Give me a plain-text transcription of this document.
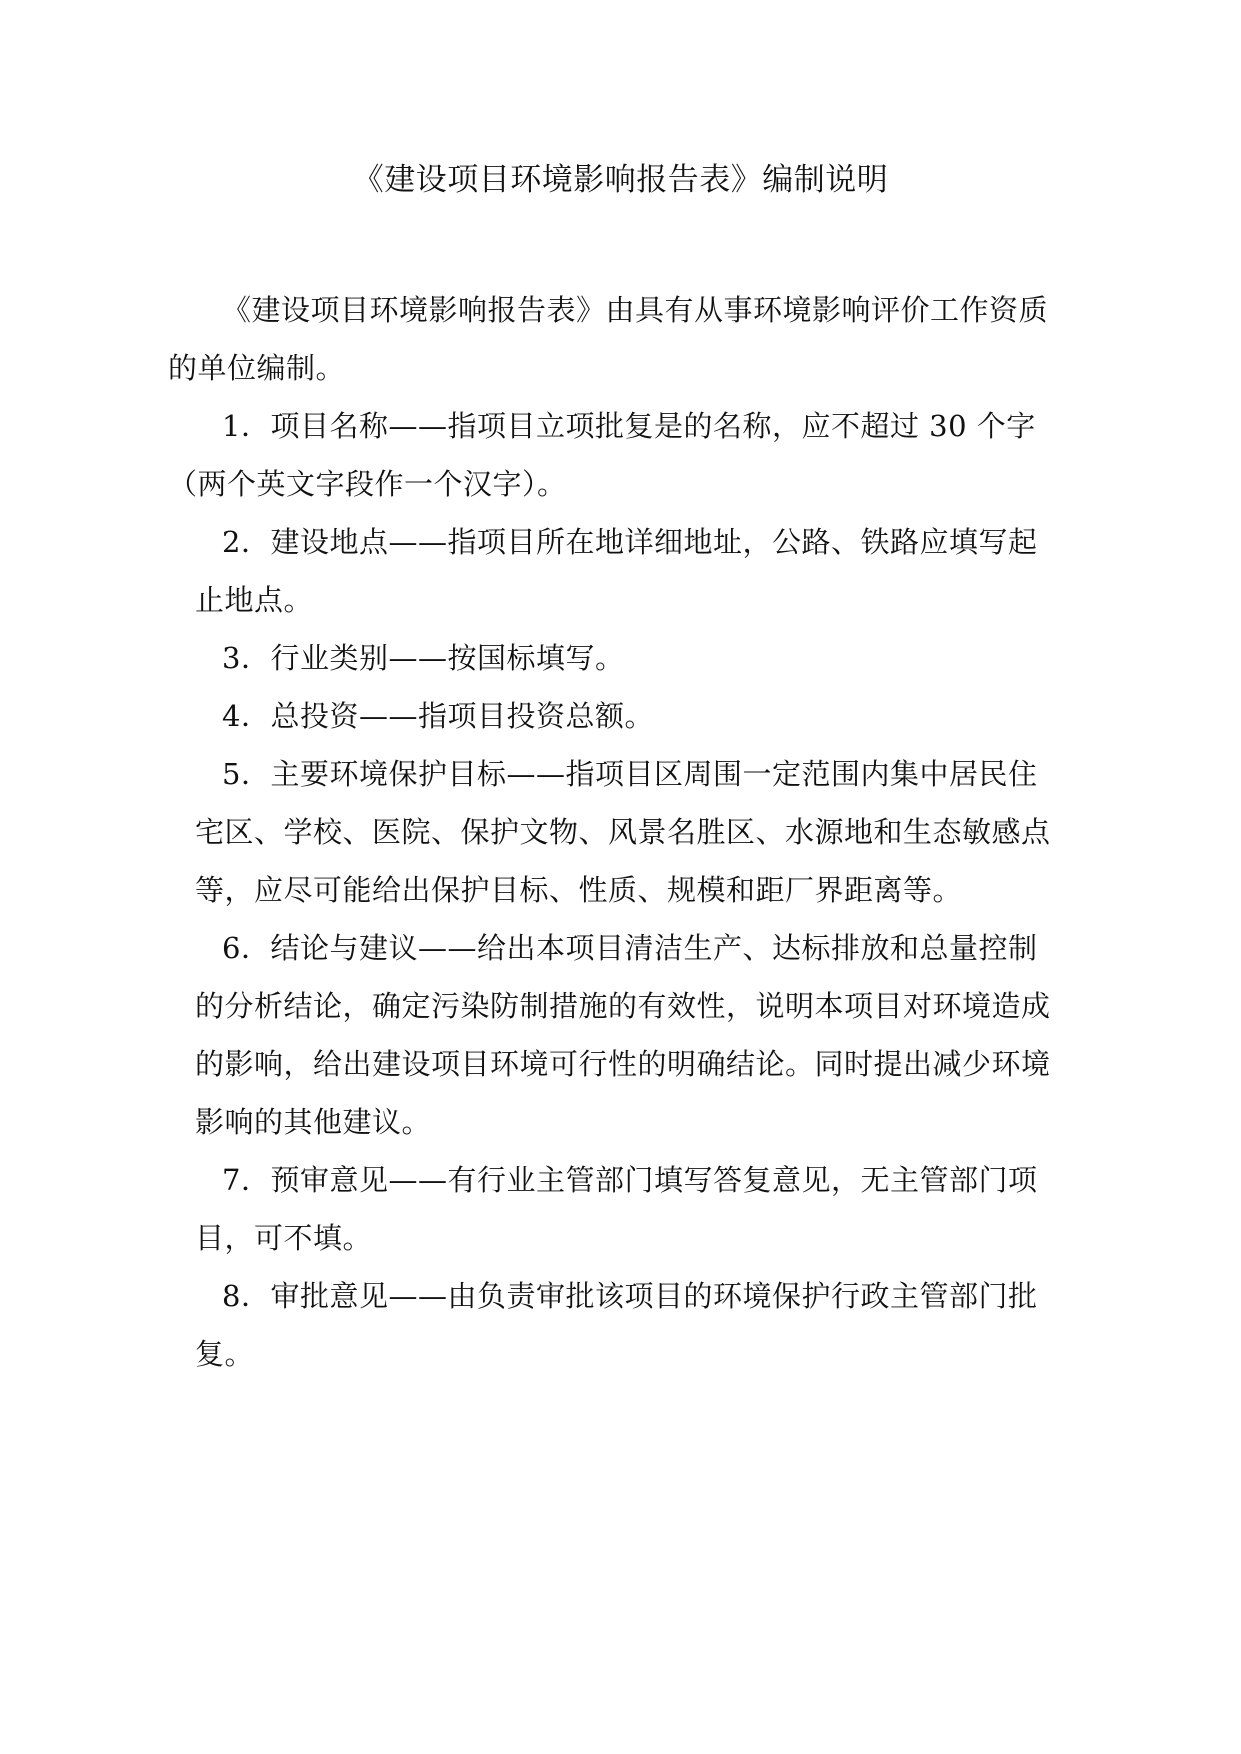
《建设项目环境影响报告表》编制说明
《建设项目环境影响报告表》由具有从事环境影响评价工作资质
的单位编制。
1．项目名称——指项目立项批复是的名称，应不超过 30 个字
（两个英文字段作一个汉字）。
2．建设地点——指项目所在地详细地址，公路、铁路应填写起
止地点。
3．行业类别——按国标填写。
4．总投资——指项目投资总额。
5．主要环境保护目标——指项目区周围一定范围内集中居民住
宅区、学校、医院、保护文物、风景名胜区、水源地和生态敏感点
等，应尽可能给出保护目标、性质、规模和距厂界距离等。
6．结论与建议——给出本项目清洁生产、达标排放和总量控制
的分析结论，确定污染防制措施的有效性，说明本项目对环境造成
的影响，给出建设项目环境可行性的明确结论。同时提出减少环境
影响的其他建议。
7．预审意见——有行业主管部门填写答复意见，无主管部门项
目，可不填。
8．审批意见——由负责审批该项目的环境保护行政主管部门批
复。
